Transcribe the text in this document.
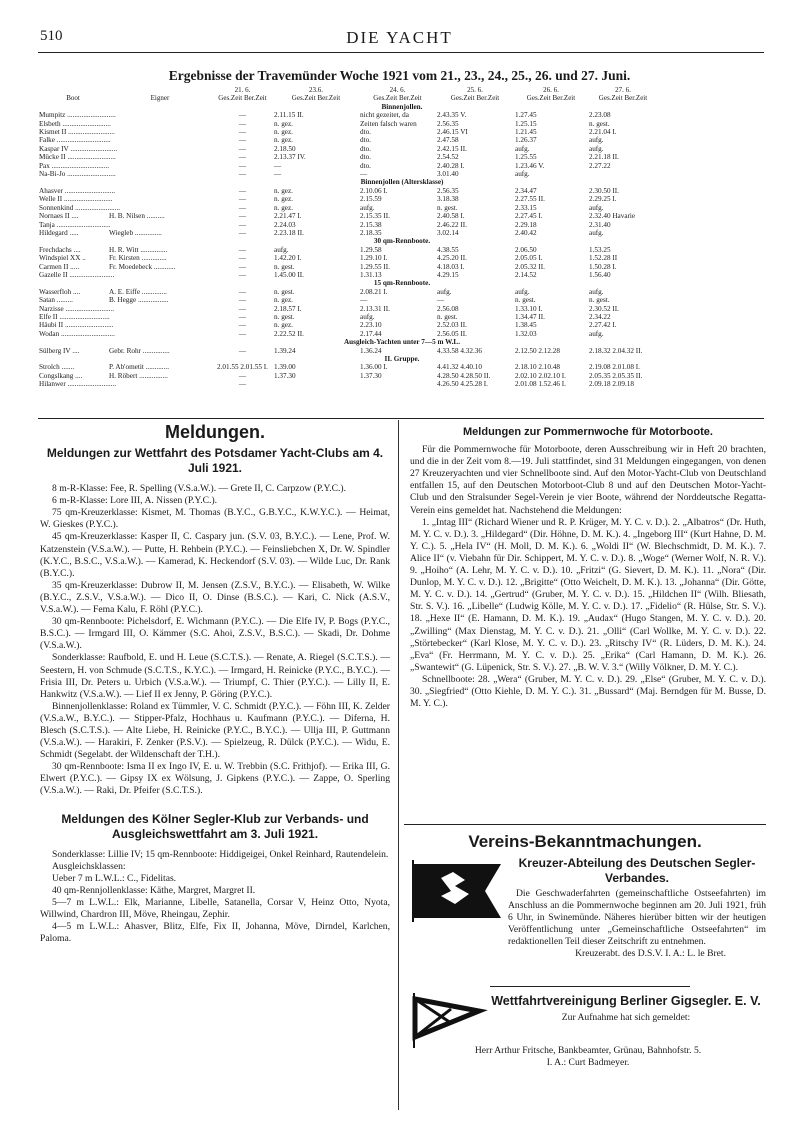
510	DIE YACHT
Ergebnisse der Travemünder Woche 1921 vom 21., 23., 24., 25., 26. und 27. Juni.
		21. 6.	23.6.	24. 6.	25. 6.	26. 6.	27. 6.	
Boot	Eigner	Ges.Zeit Ber.Zeit	Ges.Zeit Ber.Zeit	Ges.Zeit Ber.Zeit	Ges.Zeit Ber.Zeit	Ges.Zeit Ber.Zeit	Ges.Zeit Ber.Zeit	
Binnenjollen.								
Mumpitz ...........................		—	2.11.15 II.	nicht gezeitet, da	2.43.35 V.	1.27.45	2.23.08	
Elsbeth ...........................		—	n. gez.	Zeiten falsch waren	2.56.35	1.25.15	n. gest.	
Kismet II ..........................		—	n. gez.	dto.	2.46.15 VI	1.21.45	2.21.04 I.	
Falke ..............................		—	n. gez.	dto.	2.47.58	1.26.37	aufg.	
Kaspar IV ..........................		—	2.18.50	dto.	2.42.15 II.	aufg.	aufg.	
Mücke II ...........................		—	2.13.37 IV.	dto.	2.54.52	1.25.55	2.21.18 II.	
Pax ................................		—	—	dto.	2.40.28 I.	1.23.46 V.	2.27.22	
Na-Bi-Jo ...........................		—	—	—	3.01.40	aufg.		
Binnenjollen (Altersklasse)								
Ahasver ............................		—	n. gez.	2.10.06 I.	2.56.35	2.34.47	2.30.50 II.	
Welle II ...........................		—	n. gez.	2.15.59	3.18.38	2.27.55 II.	2.29.25 I.	
Sonnenkind .........................		—	n. gez.	aufg.	n. gest.	2.33.15	aufg.	
Nornaes II ....	H. B. Nilsen ..........	—	2.21.47 I.	2.15.35 II.	2.40.58 I.	2.27.45 I.	2.32.40 Havarie	
Tanja ..............................		—	2.24.03	2.15.38	2.46.22 II.	2.29.18	2.31.40	
Hildegard .....	Wiegleb ...............	—	2.23.18 II.	2.18.35	3.02.14	2.40.42	aufg.	
30 qm-Rennboote.								
Frechdachs ....	H. R. Witt ...............	—	aufg.	1.29.58	4.38.55	2.06.50	1.53.25	
Windspiel XX ..	Fr. Kirsten ..............	—	1.42.20 I.	1.29.10 I.	4.25.20 II.	2.05.05 I.	1.52.28 II	
Carmen II .....	Fr. Moedebeck ............	—	n. gest.	1.29.55 II.	4.18.03 I.	2.05.32 II.	1.50.28 I.	
Gazelle II .........................		—	1.45.00 II.	1.31.13	4.29.15	2.14.52	1.56.40	
15 qm-Rennboote.								
Wasserfloh ....	A. E. Eiffe ..............	—	n. gest.	2.08.21 I.	aufg.	aufg.	aufg.	
Satan .........	B. Hegge .................	—	n. gez.	—	—	n. gest.	n. gest.	
Narzisse ...........................		—	2.18.57 I.	2.13.31 II.	2.56.08	1.33.10 I.	2.30.52 II.	
Elfe II ............................		—	n. gest.	aufg.	n. gest.	1.34.47 II.	2.34.22	
Häubi II ...........................		—	n. gez.	2.23.10	2.52.03 II.	1.38.45	2.27.42 I.	
Wodan ..............................		—	2.22.52 II.	2.17.44	2.56.05 II.	1.32.03	aufg.	
Ausgleich-Yachten unter 7—5 m W.L.								
Sülberg IV ....	Gebr. Rohr ...............	—	1.39.24	1.36.24	4.33.58 4.32.36	2.12.50 2.12.28	2.18.32 2.04.32 II.	
II. Gruppe.								
Strolch .......	P. Ab'ometit .............	2.01.55 2.01.55 I.	1.39.00	1.36.00 I.	4.41.32 4.40.10	2.18.10 2.10.48	2.19.08 2.01.08 I.	
Congslkang ....	H. Röbert ................	—	1.37.30	1.37.30	4.28.50 4.28.50 II.	2.02.10 2.02.10 I.	2.05.35 2.05.35 II.	
Hilanwer ...........................		—			4.26.50 4.25.28 I.	2.01.08 1.52.46 I.	2.09.18 2.09.18	
Meldungen.
Meldungen zur Wettfahrt des Potsdamer Yacht-Clubs am 4. Juli 1921.

8 m-R-Klasse: Fee, R. Spelling (V.S.a.W.). — Grete II, C. Carpzow (P.Y.C.).

6 m-R-Klasse: Lore III, A. Nissen (P.Y.C.).

75 qm-Kreuzerklasse: Kismet, M. Thomas (B.Y.C., G.B.Y.C., K.W.Y.C.). — Heimat, W. Gieskes (P.Y.C.).

45 qm-Kreuzerklasse: Kasper II, C. Caspary jun. (S.V. 03, B.Y.C.). — Lene, Prof. W. Katzenstein (V.S.a.W.). — Putte, H. Rehbein (P.Y.C.). — Feinsliebchen X, Dr. W. Spindler (K.Y.C., B.S.C., V.S.a.W.). — Kamerad, K. Heckendorf (S.V. 03). — Wilde Luc, Dr. Rank (B.Y.C.).

35 qm-Kreuzerklasse: Dubrow II, M. Jensen (Z.S.V., B.Y.C.). — Elisabeth, W. Wilke (B.Y.C., Z.S.V., V.S.a.W.). — Dico II, O. Dinse (B.S.C.). — Kari, C. Nick (A.S.V., V.S.a.W.). — Fema Kalu, F. Röhl (P.Y.C.).

30 qm-Rennboote: Pichelsdorf, E. Wichmann (P.Y.C.). — Die Elfe IV, P. Bogs (P.Y.C., B.S.C.). — Irmgard III, O. Kämmer (S.C. Ahoi, Z.S.V., B.S.C.). — Skadi, Dr. Dohme (V.S.a.W.).

Sonderklasse: Raufbold, E. und H. Leue (S.C.T.S.). — Renate, A. Riegel (S.C.T.S.). — Seestern, H. von Schmude (S.C.T.S., K.Y.C.). — Irmgard, H. Reinicke (P.Y.C., B.Y.C.). — Frisia III, Dr. Peters u. Urbich (V.S.a.W.). — Triumpf, C. Thier (P.Y.C.). — Lilly II, E. Hankwitz (V.S.a.W.). — Lief II ex Jenny, P. Göring (P.Y.C.).

Binnenjollenklasse: Roland ex Tümmler, V. C. Schmidt (P.Y.C.). — Föhn III, K. Zelder (V.S.a.W., B.Y.C.). — Stipper-Pfalz, Hochhaus u. Kaufmann (P.Y.C.). — Diferna, H. Blesch (S.C.T.S.). — Alte Liebe, H. Reinicke (P.Y.C., B.Y.C.). — Ullja III, P. Guttmann (V.S.a.W.). — Harakiri, F. Zenker (P.S.V.). — Spielzeug, R. Dülck (P.Y.C.). — Widu, E. Schmidt (Segelabt. der Wildenschaft der T.H.).

30 qm-Rennboote: Isma II ex Ingo IV, E. u. W. Trebbin (S.C. Frithjof). — Erika III, G. Elwert (P.Y.C.). — Gipsy IX ex Wölsung, J. Gipkens (P.Y.C.). — Zappe, O. Sperling (V.S.a.W.). — Raki, Dr. Pfeifer (S.C.T.S.).

Meldungen des Kölner Segler-Klub zur Verbands- und Ausgleichswettfahrt am 3. Juli 1921.

Sonderklasse: Lillie IV; 15 qm-Rennboote: Hiddigeigei, Onkel Reinhard, Rautendelein.

Ausgleichsklassen:

Ueber 7 m L.W.L.: C., Fidelitas.

40 qm-Rennjollenklasse: Käthe, Margret, Margret II.

5—7 m L.W.L.: Elk, Marianne, Libelle, Satanella, Corsar V, Heinz Otto, Nyota, Willwind, Chardron III, Möve, Rheingau, Zephir.

4—5 m L.W.L.: Ahasver, Blitz, Elfe, Fix II, Johanna, Möve, Dirndel, Karlchen, Paloma.

Meldungen zur Pommernwoche für Motorboote.

Für die Pommernwoche für Motorboote, deren Ausschreibung wir in Heft 20 brachten, und die in der Zeit vom 8.—19. Juli stattfindet, sind 31 Meldungen eingegangen, von denen 27 Kreuzeryachten und vier Schnellboote sind. Auf den Motor-Yacht-Club von Deutschland entfallen 15, auf den Deutschen Motorboot-Club 8 und auf den Deutschen Motor-Yacht-Club und den Stralsunder Segel-Verein je vier Boote, während der Norddeutsche Regatta-Verein eins gemeldet hat. Nachstehend die Meldungen:

1. „Intag III“ (Richard Wiener und R. P. Krüger, M. Y. C. v. D.). 2. „Albatros“ (Dr. Huth, M. Y. C. v. D.). 3. „Hildegard“ (Dir. Höhne, D. M. K.). 4. „Ingeborg III“ (Kurt Hahne, D. M. Y. C.). 5. „Hela IV“ (H. Moll, D. M. K.). 6. „Woldi II“ (W. Blechschmidt, D. M. K.). 7. Alice II“ (v. Viebahn für Dir. Schippert, M. Y. C. v. D.). 8. „Woge“ (Werner Wolf, N. R. V.). 9. „Hoiho“ (A. Lehr, M. Y. C. v. D.). 10. „Fritzi“ (G. Sievert, D. M. K.). 11. „Nora“ (Dir. Dunlop, M. Y. C. v. D.). 12. „Brigitte“ (Otto Weichelt, D. M. K.). 13. „Johanna“ (Dir. Götte, M. Y. C. v. D.). 14. „Gertrud“ (Gruber, M. Y. C. v. D.). 15. „Hildchen II“ (Wilh. Bliesath, Str. S. V.). 16. „Libelle“ (Ludwig Kölle, M. Y. C. v. D.). 17. „Fidelio“ (R. Hülse, Str. S. V.). 18. „Hexe II“ (E. Hamann, D. M. K.). 19. „Audax“ (Hugo Stangen, M. Y. C. v. D.). 20. „Zwilling“ (Max Dienstag, M. Y. C. v. D.). 21. „Olli“ (Carl Wollke, M. Y. C. v. D.). 22. „Störtebecker“ (Karl Klose, M. Y. C. v. D.). 23. „Ritschy IV“ (R. Lüders, D. M. K.). 24. „Eva“ (Fr. Herrmann, M. Y. C. v. D.). 25. „Erika“ (Carl Hamann, D. M. K.). 26. „Swantewit“ (G. Lüpenick, Str. S. V.). 27. „B. W. V. 3.“ (Willy Völkner, D. M. Y. C.).

Schnellboote: 28. „Wera“ (Gruber, M. Y. C. v. D.). 29. „Else“ (Gruber, M. Y. C. v. D.). 30. „Siegfried“ (Otto Kiehle, D. M. Y. C.). 31. „Bussard“ (Maj. Berndgen für M. Busse, D. M. Y. C.).

Vereins-Bekanntmachungen.
Kreuzer-Abteilung des Deutschen Segler-Verbandes.

Die Geschwaderfahrten (gemeinschaftliche Ostseefahrten) im Anschluss an die Pommernwoche beginnen am 20. Juli 1921, früh 6 Uhr, in Swinemünde. Näheres hierüber bitten wir der heutigen Veröffentlichung unter „Gemeinschaftliche Ostseefahrten“ im redaktionellen Teil dieser Zeitschrift zu entnehmen.

Kreuzerabt. des D.S.V. I. A.: L. le Bret.

Wettfahrtvereinigung Berliner Gigsegler. E. V.

Zur Aufnahme hat sich gemeldet:

Herr Arthur Fritsche, Bankbeamter, Grünau, Bahnhofstr. 5.

I. A.: Curt Badmeyer.
